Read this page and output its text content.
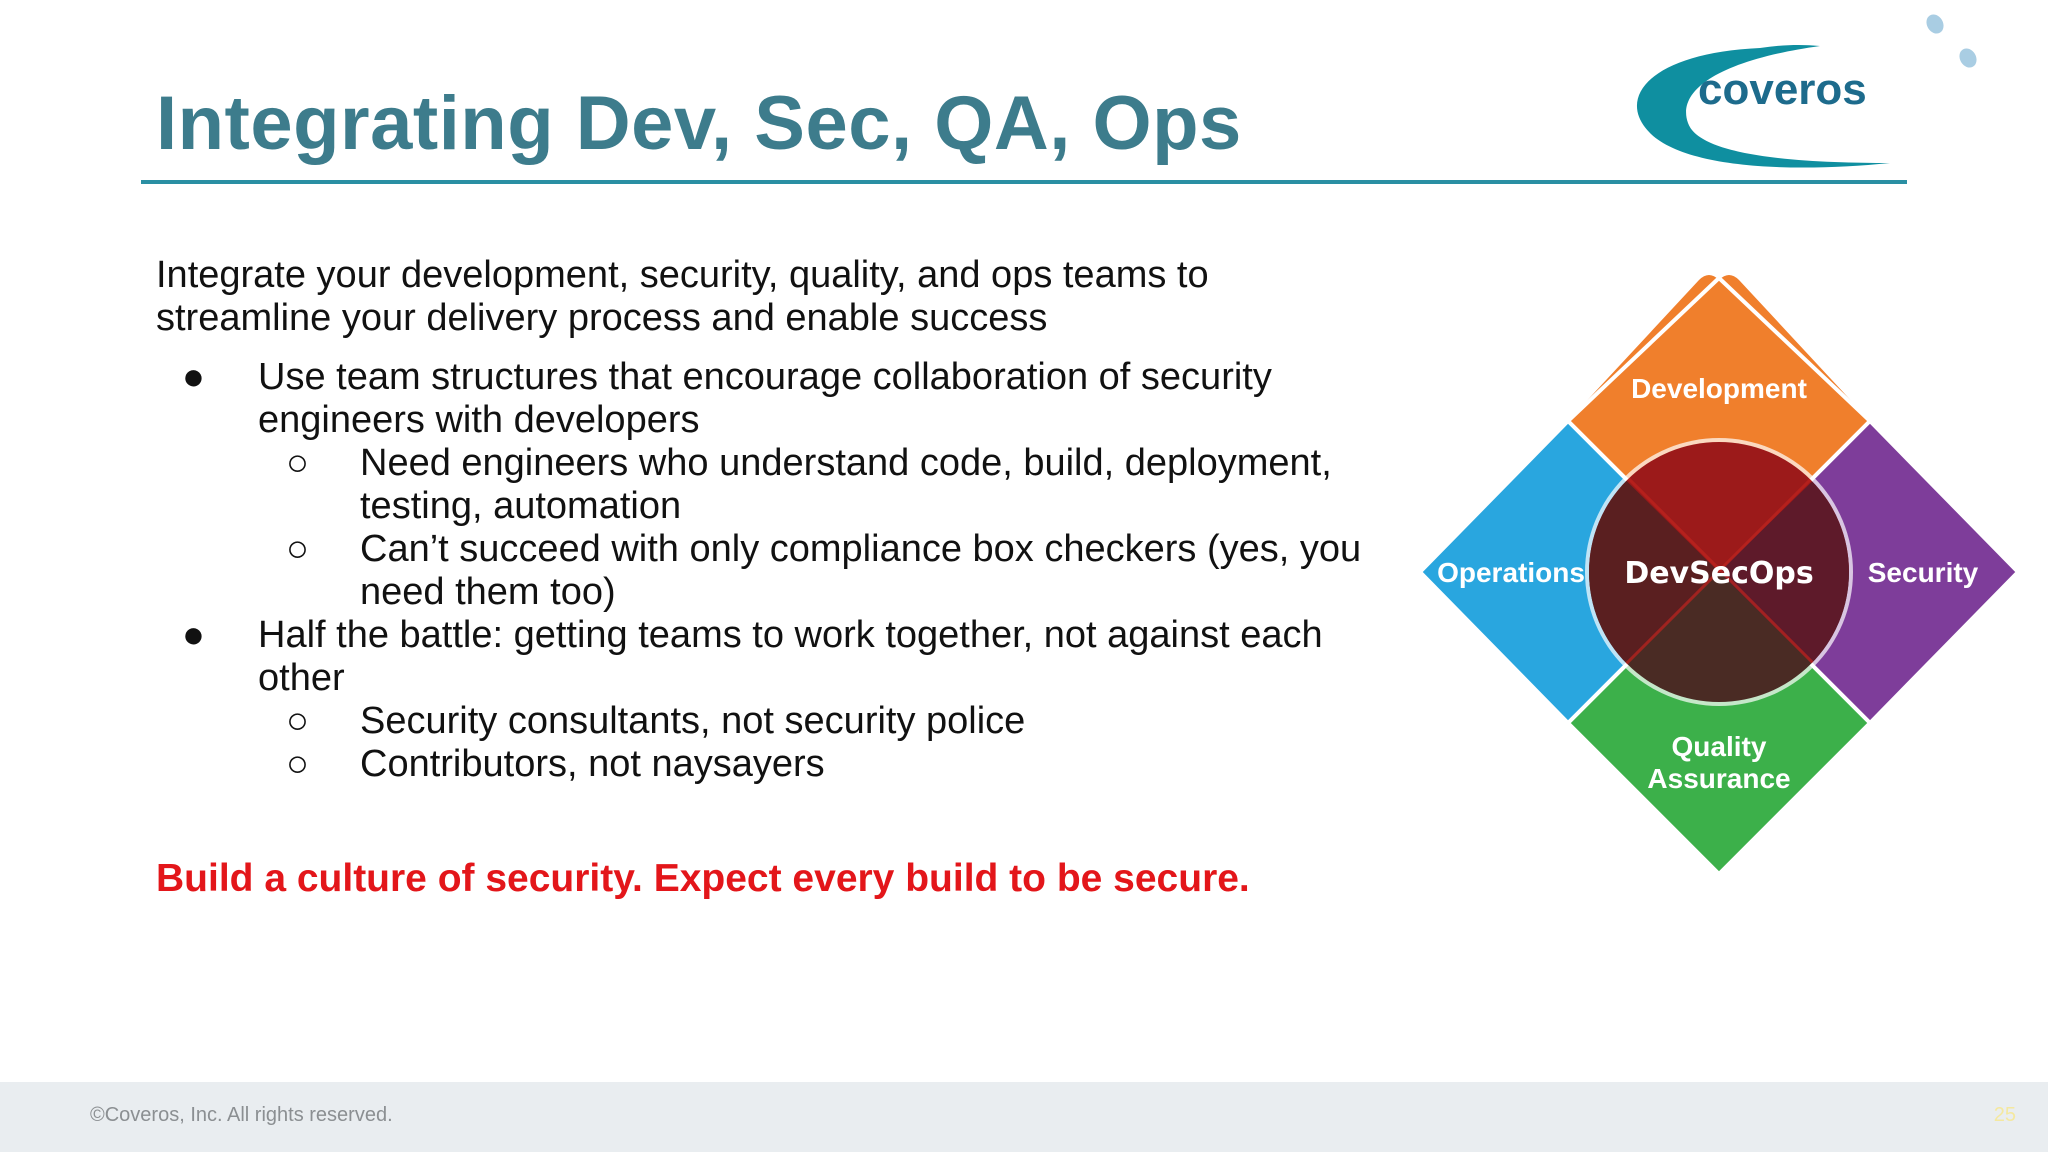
Integrating Dev, Sec, QA, Ops	coveros
Integrate your development, security, quality, and ops teams to
streamline your delivery process and enable success
● Use team structures that encourage collaboration of security
engineers with developers
○ Need engineers who understand code, build, deployment,
testing, automation
○ Can’t succeed with only compliance box checkers (yes, you
need them too)
● Half the battle: getting teams to work together, not against each
other
○ Security consultants, not security police
○ Contributors, not naysayers
Build a culture of security. Expect every build to be secure.
Development
Security
Operations
Quality
Assurance
DevSecOps
©Coveros, Inc. All rights reserved.	25
